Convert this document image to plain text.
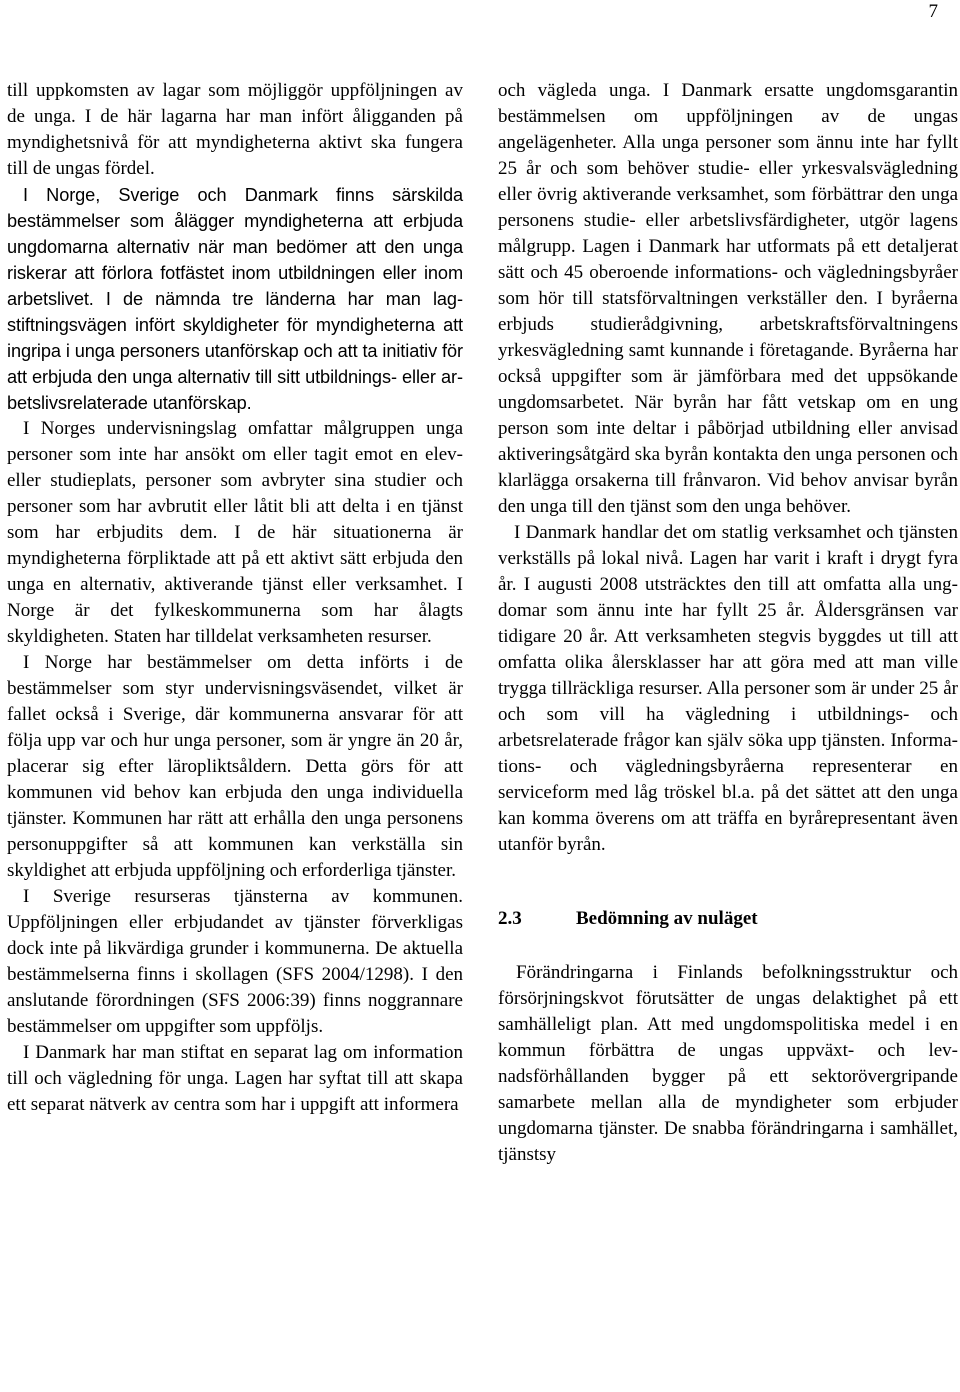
7

till uppkomsten av lagar som möjliggör uppföljningen av de unga. I de här lagarna har man infört åligganden på myndighetsnivå för att myndigheterna aktivt ska fungera till de ungas fördel.

I Norge, Sverige och Danmark finns särskilda bestämmelser som ålägger myndigheterna att erbjuda ungdomarna alternativ när man bedömer att den unga riskerar att förlora fotfästet inom utbildningen eller inom arbetslivet. I de nämnda tre länderna har man lagstiftningsvägen infört skyldigheter för myndigheterna att ingripa i unga personers utanförskap och att ta initiativ för att erbjuda den unga alternativ till sitt utbildnings- eller arbetslivsrelaterade utanförskap.

I Norges undervisningslag omfattar målgruppen unga personer som inte har ansökt om eller tagit emot en elev- eller studieplats, personer som avbryter sina studier och personer som har avbrutit eller låtit bli att delta i en tjänst som har erbjudits dem. I de här situationerna är myndigheterna förpliktade att på ett aktivt sätt erbjuda den unga en alternativ, aktiverande tjänst eller verksamhet. I Norge är det fylkeskommunerna som har ålagts skyldigheten. Staten har tilldelat verksamheten resurser.

I Norge har bestämmelser om detta införts i de bestämmelser som styr undervisningsväsendet, vilket är fallet också i Sverige, där kommunerna ansvarar för att följa upp var och hur unga personer, som är yngre än 20 år, placerar sig efter läropliktsåldern. Detta görs för att kommunen vid behov kan erbjuda den unga individuella tjänster. Kommunen har rätt att erhålla den unga personens personuppgifter så att kommunen kan verkställa sin skyldighet att erbjuda uppföljning och erforderliga tjänster.

I Sverige resurseras tjänsterna av kommunen. Uppföljningen eller erbjudandet av tjänster förverkligas dock inte på likvärdiga grunder i kommunerna. De aktuella bestämmelserna finns i skollagen (SFS 2004/1298). I den anslutande förordningen (SFS 2006:39) finns noggrannare bestämmelser om uppgifter som uppföljs.

I Danmark har man stiftat en separat lag om information till och vägledning för unga. Lagen har syftat till att skapa ett separat nätverk av centra som har i uppgift att informera

och vägleda unga. I Danmark ersatte ungdomsgarantin bestämmelsen om uppföljningen av de ungas angelägenheter. Alla unga personer som ännu inte har fyllt 25 år och som behöver studie- eller yrkesvalsvägledning eller övrig aktiverande verksamhet, som förbättrar den unga personens studie- eller arbetslivsfärdigheter, utgör lagens målgrupp. Lagen i Danmark har utformats på ett detaljerat sätt och 45 oberoende informations- och vägledningsbyråer som hör till statsförvaltningen verkställer den. I byråerna erbjuds studierådgivning, arbetskraftsförvaltningens yrkesvägledning samt kunnande i företagande. Byråerna har också uppgifter som är jämförbara med det uppsökande ungdomsarbetet. När byrån har fått vetskap om en ung person som inte deltar i påbörjad utbildning eller anvisad aktiveringsåtgärd ska byrån kontakta den unga personen och klarlägga orsakerna till frånvaron. Vid behov anvisar byrån den unga till den tjänst som den unga behöver.

I Danmark handlar det om statlig verksamhet och tjänsten verkställs på lokal nivå. Lagen har varit i kraft i drygt fyra år. I augusti 2008 utsträcktes den till att omfatta alla ungdomar som ännu inte har fyllt 25 år. Åldersgränsen var tidigare 20 år. Att verksamheten stegvis byggdes ut till att omfatta olika ålersklasser har att göra med att man ville trygga tillräckliga resurser. Alla personer som är under 25 år och som vill ha vägledning i utbildnings- och arbetsrelaterade frågor kan själv söka upp tjänsten. Informations- och vägledningsbyråerna representerar en serviceform med låg tröskel bl.a. på det sättet att den unga kan komma överens om att träffa en byrårepresentant även utanför byrån.

2.3	Bedömning av nuläget

Förändringarna i Finlands befolkningsstruktur och försörjningskvot förutsätter de ungas delaktighet på ett samhälleligt plan. Att med ungdomspolitiska medel i en kommun förbättra de ungas uppväxt- och levnadsförhållanden bygger på ett sektorövergripande samarbete mellan alla de myndigheter som erbjuder ungdomarna tjänster. De snabba förändringarna i samhället, tjänstsy
